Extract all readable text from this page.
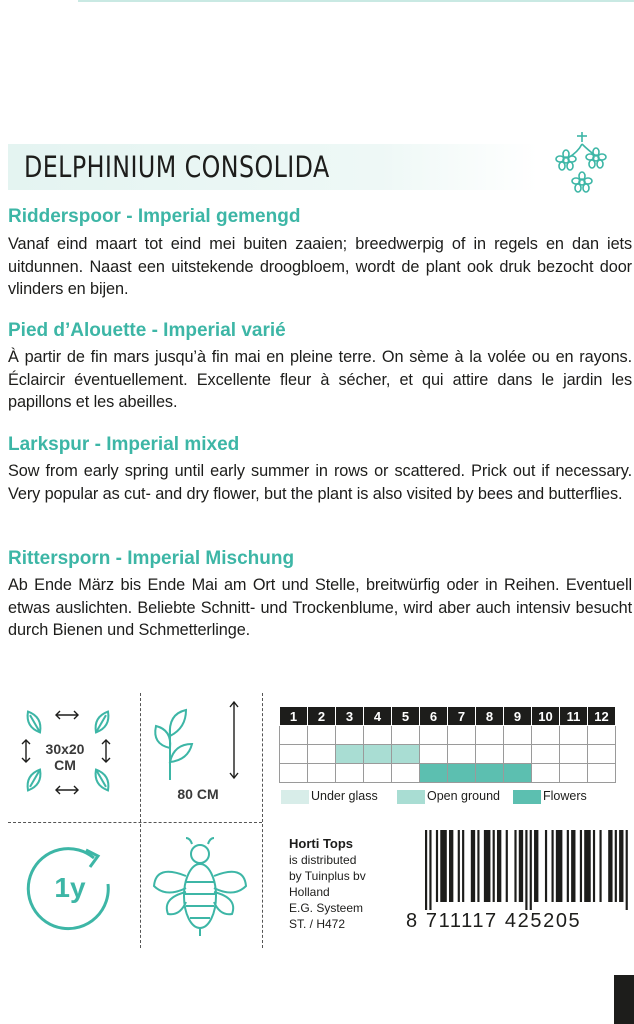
DELPHINIUM CONSOLIDA
Ridderspoor - Imperial gemengd
Vanaf eind maart tot eind mei buiten zaaien; breedwerpig of in regels en dan iets uitdunnen. Naast een uitstekende droogbloem, wordt de plant ook druk bezocht door vlinders en bijen.
Pied d’Alouette - Imperial varié
À partir de fin mars jusqu’à fin mai en pleine terre. On sème à la volée ou en rayons. Éclaircir éventuellement. Excellente fleur à sécher, et qui attire dans le jardin les papillons et les abeilles.
Larkspur - Imperial mixed
Sow from early spring until early summer in rows or scattered. Prick out if necessary. Very popular as cut- and dry flower, but the plant is also visited by bees and butterflies.
Rittersporn - Imperial Mischung
Ab Ende März bis Ende Mai am Ort und Stelle, breitwürfig oder in Reihen. Eventuell etwas auslichten. Beliebte Schnitt- und Trockenblume, wird aber auch intensiv besucht durch Bienen und Schmetterlinge.
30x20
CM
80 CM
1y
1	2	3	4	5	6	7	8	9	10	11	12

Under glass	Open ground	Flowers
Horti Tops
is distributed
by Tuinplus bv
Holland
E.G. Systeem
ST. / H472	8 711117 425205
